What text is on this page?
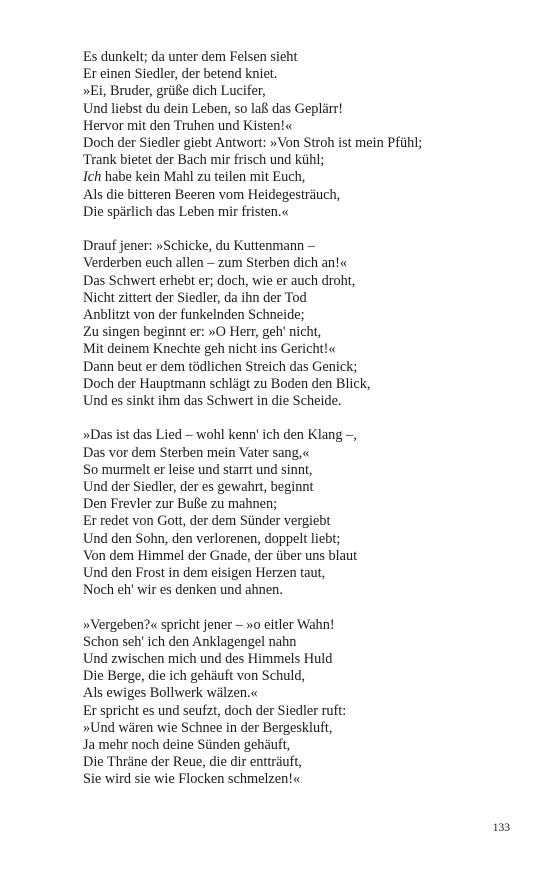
Es dunkelt; da unter dem Felsen sieht
Er einen Siedler, der betend kniet.
»Ei, Bruder, grüße dich Lucifer,
Und liebst du dein Leben, so laß das Geplärr!
Hervor mit den Truhen und Kisten!«
Doch der Siedler giebt Antwort: »Von Stroh ist mein Pfühl;
Trank bietet der Bach mir frisch und kühl;
Ich habe kein Mahl zu teilen mit Euch,
Als die bitteren Beeren vom Heidegesträuch,
Die spärlich das Leben mir fristen.«
Drauf jener: »Schicke, du Kuttenmann –
Verderben euch allen – zum Sterben dich an!«
Das Schwert erhebt er; doch, wie er auch droht,
Nicht zittert der Siedler, da ihn der Tod
Anblitzt von der funkelnden Schneide;
Zu singen beginnt er: »O Herr, geh' nicht,
Mit deinem Knechte geh nicht ins Gericht!«
Dann beut er dem tödlichen Streich das Genick;
Doch der Hauptmann schlägt zu Boden den Blick,
Und es sinkt ihm das Schwert in die Scheide.
»Das ist das Lied – wohl kenn' ich den Klang –,
Das vor dem Sterben mein Vater sang,«
So murmelt er leise und starrt und sinnt,
Und der Siedler, der es gewahrt, beginnt
Den Frevler zur Buße zu mahnen;
Er redet von Gott, der dem Sünder vergiebt
Und den Sohn, den verlorenen, doppelt liebt;
Von dem Himmel der Gnade, der über uns blaut
Und den Frost in dem eisigen Herzen taut,
Noch eh' wir es denken und ahnen.
»Vergeben?« spricht jener – »o eitler Wahn!
Schon seh' ich den Anklagengel nahn
Und zwischen mich und des Himmels Huld
Die Berge, die ich gehäuft von Schuld,
Als ewiges Bollwerk wälzen.«
Er spricht es und seufzt, doch der Siedler ruft:
»Und wären wie Schnee in der Bergeskluft,
Ja mehr noch deine Sünden gehäuft,
Die Thräne der Reue, die dir entträuft,
Sie wird sie wie Flocken schmelzen!«
133
